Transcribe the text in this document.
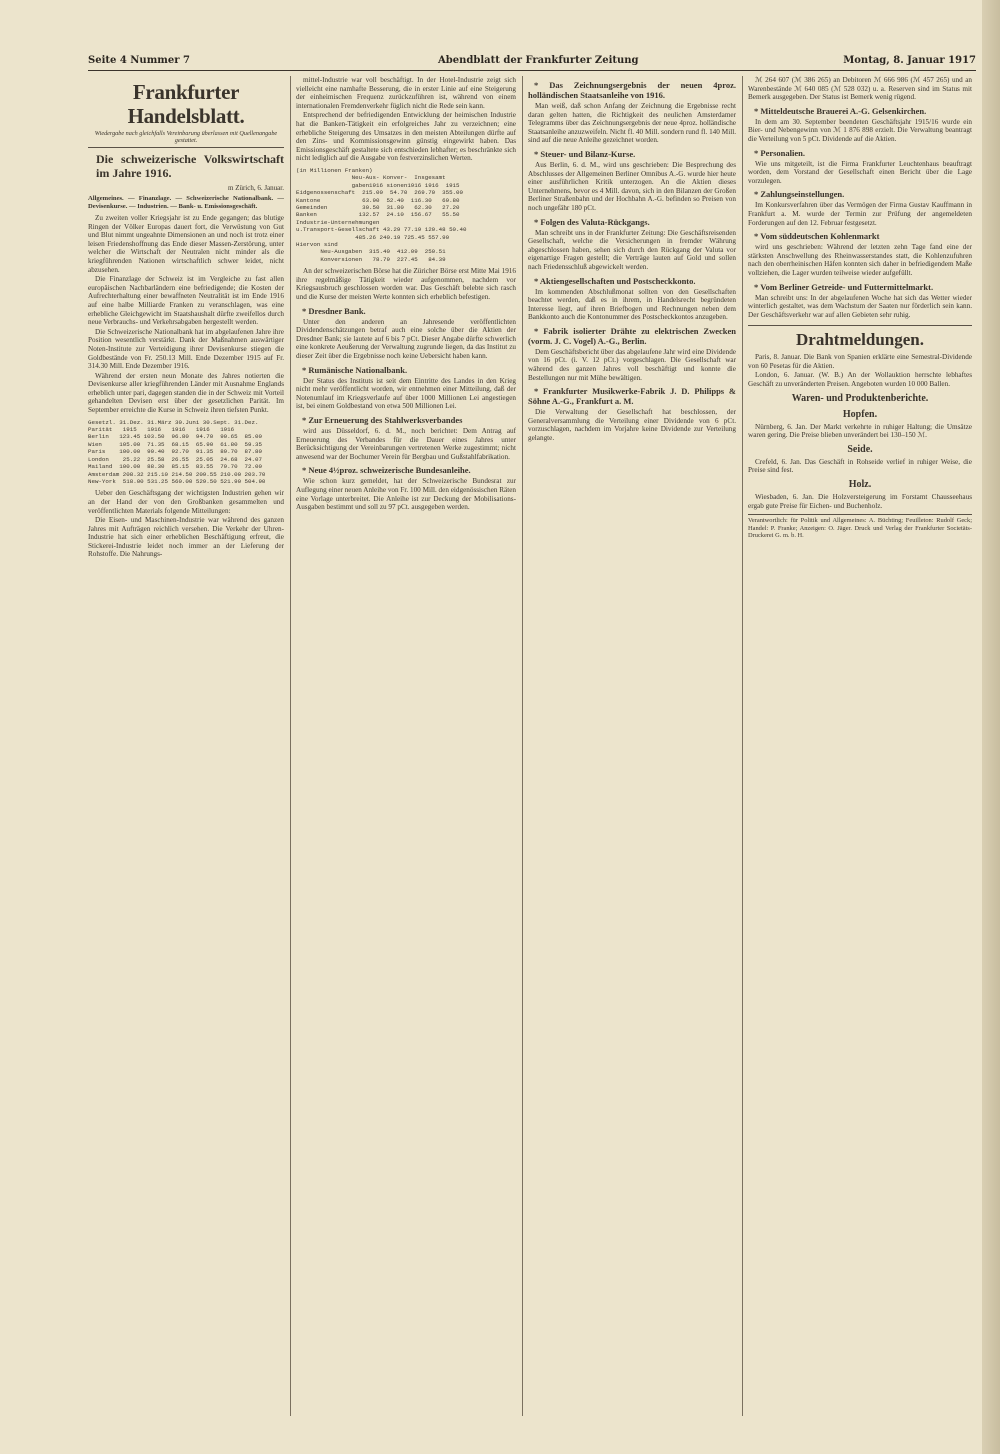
Seite 4 Nummer 7	Abendblatt der Frankfurter Zeitung	Montag, 8. Januar 1917
Frankfurter Handelsblatt.
Wiedergabe nach gleichfalls Vereinbarung überlassen mit Quellenangabe gestattet.
Die schweizerische Volkswirtschaft im Jahre 1916.
m Zürich, 6. Januar.
Allgemeines. — Finanzlage. — Schweizerische Nationalbank. — Devisenkurse. — Industrien. — Bank- u. Emissionsgeschäft.

Zu zweiten voller Kriegsjahr ist zu Ende gegangen; das blutige Ringen der Völker Europas dauert fort, die Verwüstung von Gut und Blut nimmt ungeahnte Dimensionen an und noch ist trotz einer leisen Friedenshoffnung das Ende dieser Massen-Zerstörung, unter welcher die Wirtschaft der Neutralen nicht minder als die kriegführenden Nationen wirtschaftlich schwer leidet, nicht abzusehen.

Die Finanzlage der Schweiz ist im Vergleiche zu fast allen europäischen Nachbarländern eine befriedigende; die Kosten der Aufrechterhaltung einer bewaffneten Neutralität ist im Ende 1916 auf eine halbe Milliarde Franken zu veranschlagen, was eine erhebliche Gleichgewicht im Staatshaushalt dürfte zweifellos durch neue Verbrauchs- und Verkehrsabgaben hergestellt werden.

Die Schweizerische Nationalbank hat im abgelaufenen Jahre ihre Position wesentlich verstärkt. Dank der Maßnahmen auswärtiger Noten-Institute zur Verteidigung ihrer Devisenkurse stiegen die Goldbestände von Fr. 250.13 Mill. Ende Dezember 1915 auf Fr. 314.30 Mill. Ende Dezember 1916.

Während der ersten neun Monate des Jahres notierten die Devisenkurse aller kriegführenden Länder mit Ausnahme Englands erheblich unter pari, dagegen standen die in der Schweiz mit Vorteil gehandelten Devisen erst über der gesetzlichen Parität. Im September erreichte die Kurse in Schweiz ihren tiefsten Punkt.

Gesetzl. 31.Dez. 31.März 30.Juni 30.Sept. 31.Dez.
Parität   1915   1916   1916   1916   1916
Berlin   123.45 103.50  96.80  94.70  90.65  85.00
Wien     105.00  71.35  68.15  65.90  61.80  59.35
Paris    100.00  90.40  92.70  91.35  89.70  87.80
London    25.22  25.58  26.55  25.05  24.68  24.07
Mailand  100.00  88.30  85.15  83.55  79.70  72.00
Amsterdam 208.32 215.10 214.50 209.55 210.00 203.70
New-York  518.00 531.25 560.00 529.50 521.90 504.90

Ueber den Geschäftsgang der wichtigsten Industrien gehen wir an der Hand der von den Großbanken gesammelten und veröffentlichten Materials folgende Mitteilungen:

Die Eisen- und Maschinen-Industrie war während des ganzen Jahres mit Aufträgen reichlich versehen. Die Verkehr der Uhren-Industrie hat sich einer erheblichen Beschäftigung erfreut, die Stickerei-Industrie leidet noch immer an der Lieferung der Rohstoffe. Die Nahrungs-

mittel-Industrie war voll beschäftigt. In der Hotel-Industrie zeigt sich vielleicht eine namhafte Besserung, die in erster Linie auf eine Steigerung der einheimischen Frequenz zurückzuführen ist, während von einem internationalen Fremdenverkehr füglich nicht die Rede sein kann.

Entsprechend der befriedigenden Entwicklung der heimischen Industrie hat die Banken-Tätigkeit ein erfolgreiches Jahr zu verzeichnen; eine erhebliche Steigerung des Umsatzes in den meisten Abteilungen dürfte auf den Zins- und Kommissionsgewinn günstig eingewirkt haben. Das Emissionsgeschäft gestaltete sich entschieden lebhafter; es beschränkte sich nicht lediglich auf die Ausgabe von festverzinslichen Werten.

(in Millionen Franken)
Neu-Aus- Konver-  Insgesamt
gaben1916 sionen1916 1916  1915
Eidgenossenschaft  215.00  54.70  269.70  355.00
Kantone            63.90  52.40  116.30   69.80
Gemeinden          30.50  31.80   62.30   27.20
Banken            132.57  24.10  156.67   55.50
Industrie-Unternehmungen
u.Transport-Gesellschaft 43.29 77.19 120.48 50.40
485.26 240.19 725.45 557.90
Hiervon sind
Neu-Ausgaben  315.40  412.09  250.51
Konversionen   78.79  227.45   84.39

An der schweizerischen Börse hat die Züricher Börse erst Mitte Mai 1916 ihre regelmäßige Tätigkeit wieder aufgenommen, nachdem vor Kriegsausbruch geschlossen worden war. Das Geschäft belebte sich rasch und die Kurse der meisten Werte konnten sich erheblich befestigen.

* Dresdner Bank.

Unter den anderen an Jahresende veröffentlichten Dividendenschätzungen betraf auch eine solche über die Aktien der Dresdner Bank; sie lautete auf 6 bis 7 pCt. Dieser Angabe dürfte schwerlich eine konkrete Aeußerung der Verwaltung zugrunde liegen, da das Institut zu dieser Zeit über die Ergebnisse noch keine Uebersicht haben kann.

* Rumänische Nationalbank.

Der Status des Instituts ist seit dem Eintritte des Landes in den Krieg nicht mehr veröffentlicht worden, wir entnehmen einer Mitteilung, daß der Notenumlauf im Kriegsverlaufe auf über 1000 Millionen Lei angestiegen ist, bei einem Goldbestand von etwa 500 Millionen Lei.

* Zur Erneuerung des Stahlwerksverbandes

wird aus Düsseldorf, 6. d. M., noch berichtet: Dem Antrag auf Erneuerung des Verbandes für die Dauer eines Jahres unter Berücksichtigung der Vereinbarungen vertretenen Werke zugestimmt; nicht anwesend war der Bochumer Verein für Bergbau und Gußstahlfabrikation.

* Neue 4½proz. schweizerische Bundesanleihe.

Wie schon kurz gemeldet, hat der Schweizerische Bundesrat zur Auflegung einer neuen Anleihe von Fr. 100 Mill. den eidgenössischen Räten eine Vorlage unterbreitet. Die Anleihe ist zur Deckung der Mobilisations-Ausgaben bestimmt und soll zu 97 pCt. ausgegeben werden.

* Das Zeichnungsergebnis der neuen 4proz. holländischen Staatsanleihe von 1916.

Man weiß, daß schon Anfang der Zeichnung die Ergebnisse recht daran gelten hatten, die Richtigkeit des neulichen Amsterdamer Telegramms über das Zeichnungsergebnis der neue 4proz. holländische Staatsanleihe anzuzweifeln. Nicht fl. 40 Mill. sondern rund fl. 140 Mill. sind auf die neue Anleihe gezeichnet worden.

* Steuer- und Bilanz-Kurse.

Aus Berlin, 6. d. M., wird uns geschrieben: Die Besprechung des Abschlusses der Allgemeinen Berliner Omnibus A.-G. wurde hier heute einer ausführlichen Kritik unterzogen. An die Aktien dieses Unternehmens, bevor es 4 Mill. davon, sich in den Bilanzen der Großen Berliner Straßenbahn und der Hochbahn A.-G. befinden so Preisen von noch ungefähr 180 pCt.

* Folgen des Valuta-Rückgangs.

Man schreibt uns in der Frankfurter Zeitung: Die Geschäftsreisenden Gesellschaft, welche die Versicherungen in fremder Währung abgeschlossen haben, sehen sich durch den Rückgang der Valuta vor eigenartige Fragen gestellt; die Verträge lauten auf Gold und sollen nach Friedensschluß abgewickelt werden.

* Aktiengesellschaften und Postscheckkonto.

Im kommenden Abschlußmonat sollten von den Gesellschaften beachtet werden, daß es in ihrem, in Handelsrecht begründeten Interesse liegt, auf ihren Briefbogen und Rechnungen neben dem Bankkonto auch die Kontonummer des Postscheckkontos anzugeben.

* Fabrik isolierter Drähte zu elektrischen Zwecken (vorm. J. C. Vogel) A.-G., Berlin.

Dem Geschäftsbericht über das abgelaufene Jahr wird eine Dividende von 16 pCt. (i. V. 12 pCt.) vorgeschlagen. Die Gesellschaft war während des ganzen Jahres voll beschäftigt und konnte die Bestellungen nur mit Mühe bewältigen.

* Frankfurter Musikwerke-Fabrik J. D. Philipps & Söhne A.-G., Frankfurt a. M.

Die Verwaltung der Gesellschaft hat beschlossen, der Generalversammlung die Verteilung einer Dividende von 6 pCt. vorzuschlagen, nachdem im Vorjahre keine Dividende zur Verteilung gelangte.

ℳ 264 607 (ℳ 386 265) an Debitoren ℳ 666 986 (ℳ 457 265) und an Warenbestände ℳ 640 085 (ℳ 528 032) u. a. Reserven sind im Status mit Bemerk ausgegeben. Der Status ist Bemerk wenig rügend.

* Mitteldeutsche Brauerei A.-G. Gelsenkirchen.

In dem am 30. September beendeten Geschäftsjahr 1915/16 wurde ein Bier- und Nebengewinn von ℳ 1 876 898 erzielt. Die Verwaltung beantragt die Verteilung von 5 pCt. Dividende auf die Aktien.

* Personalien.

Wie uns mitgeteilt, ist die Firma Frankfurter Leuchtenhaus beauftragt worden, dem Vorstand der Gesellschaft einen Bericht über die Lage vorzulegen.

* Zahlungseinstellungen.

Im Konkursverfahren über das Vermögen der Firma Gustav Kauffmann in Frankfurt a. M. wurde der Termin zur Prüfung der angemeldeten Forderungen auf den 12. Februar festgesetzt.

* Vom süddeutschen Kohlenmarkt

wird uns geschrieben: Während der letzten zehn Tage fand eine der stärksten Anschwellung des Rheinwasserstandes statt, die Kohlenzufuhren nach den oberrheinischen Häfen konnten sich daher in befriedigendem Maße vollziehen, die Lager wurden teilweise wieder aufgefüllt.

* Vom Berliner Getreide- und Futtermittelmarkt.

Man schreibt uns: In der abgelaufenen Woche hat sich das Wetter wieder winterlich gestaltet, was dem Wachstum der Saaten nur förderlich sein kann. Der Geschäftsverkehr war auf allen Gebieten sehr ruhig.

Drahtmeldungen.

Paris, 8. Januar. Die Bank von Spanien erklärte eine Semestral-Dividende von 60 Pesetas für die Aktien.

London, 6. Januar. (W. B.) An der Wollauktion herrschte lebhaftes Geschäft zu unveränderten Preisen. Angeboten wurden 10 000 Ballen.

Waren- und Produktenberichte.
Hopfen.

Nürnberg, 6. Jan. Der Markt verkehrte in ruhiger Haltung; die Umsätze waren gering. Die Preise blieben unverändert bei 130–150 ℳ.

Seide.

Crefeld, 6. Jan. Das Geschäft in Rohseide verlief in ruhiger Weise, die Preise sind fest.

Holz.

Wiesbaden, 6. Jan. Die Holzversteigerung im Forstamt Chausseehaus ergab gute Preise für Eichen- und Buchenholz.

Verantwortlich: für Politik und Allgemeines: A. Büchting; Feuilleton: Rudolf Geck; Handel: P. Franke; Anzeigen: O. Jäger. Druck und Verlag der Frankfurter Societäts-Druckerei G. m. b. H.
